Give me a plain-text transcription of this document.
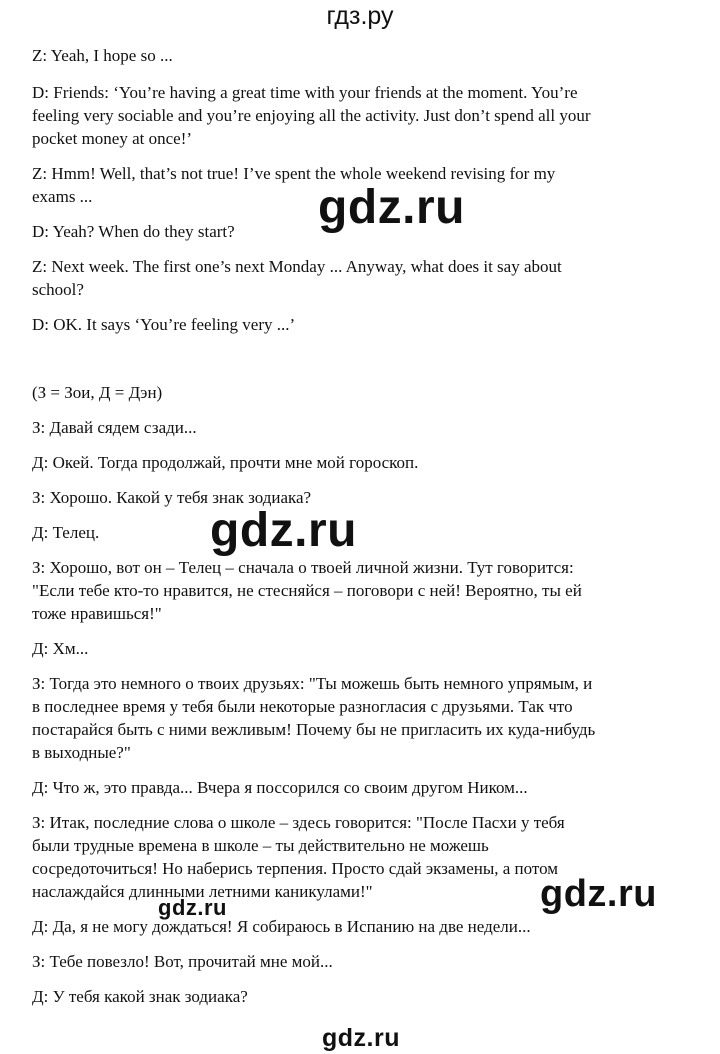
гдз.ру
Z: Yeah, I hope so ...
D: Friends: ‘You’re having a great time with your friends at the moment. You’re
feeling very sociable and you’re enjoying all the activity. Just don’t spend all your
pocket money at once!’
Z: Hmm! Well, that’s not true! I’ve spent the whole weekend revising for my
exams ...
D: Yeah? When do they start?
Z: Next week. The first one’s next Monday ... Anyway, what does it say about
school?
D: OK. It says ‘You’re feeling very ...’
(З = Зои, Д = Дэн)
З: Давай сядем сзади...
Д: Окей. Тогда продолжай, прочти мне мой гороскоп.
З: Хорошо. Какой у тебя знак зодиака?
Д: Телец.
З: Хорошо, вот он – Телец – сначала о твоей личной жизни. Тут говорится:
"Если тебе кто-то нравится, не стесняйся – поговори с ней! Вероятно, ты ей
тоже нравишься!"
Д: Хм...
З: Тогда это немного о твоих друзьях: "Ты можешь быть немного упрямым, и
в последнее время у тебя были некоторые разногласия с друзьями. Так что
постарайся быть с ними вежливым! Почему бы не пригласить их куда-нибудь
в выходные?"
Д: Что ж, это правда... Вчера я поссорился со своим другом Ником...
З: Итак, последние слова о школе – здесь говорится: "После Пасхи у тебя
были трудные времена в школе – ты действительно не можешь
сосредоточиться! Но наберись терпения. Просто сдай экзамены, а потом
наслаждайся длинными летними каникулами!"
Д: Да, я не могу дождаться! Я собираюсь в Испанию на две недели...
З: Тебе повезло! Вот, прочитай мне мой...
Д: У тебя какой знак зодиака?
gdz.ru
gdz.ru
gdz.ru
gdz.ru
gdz.ru
